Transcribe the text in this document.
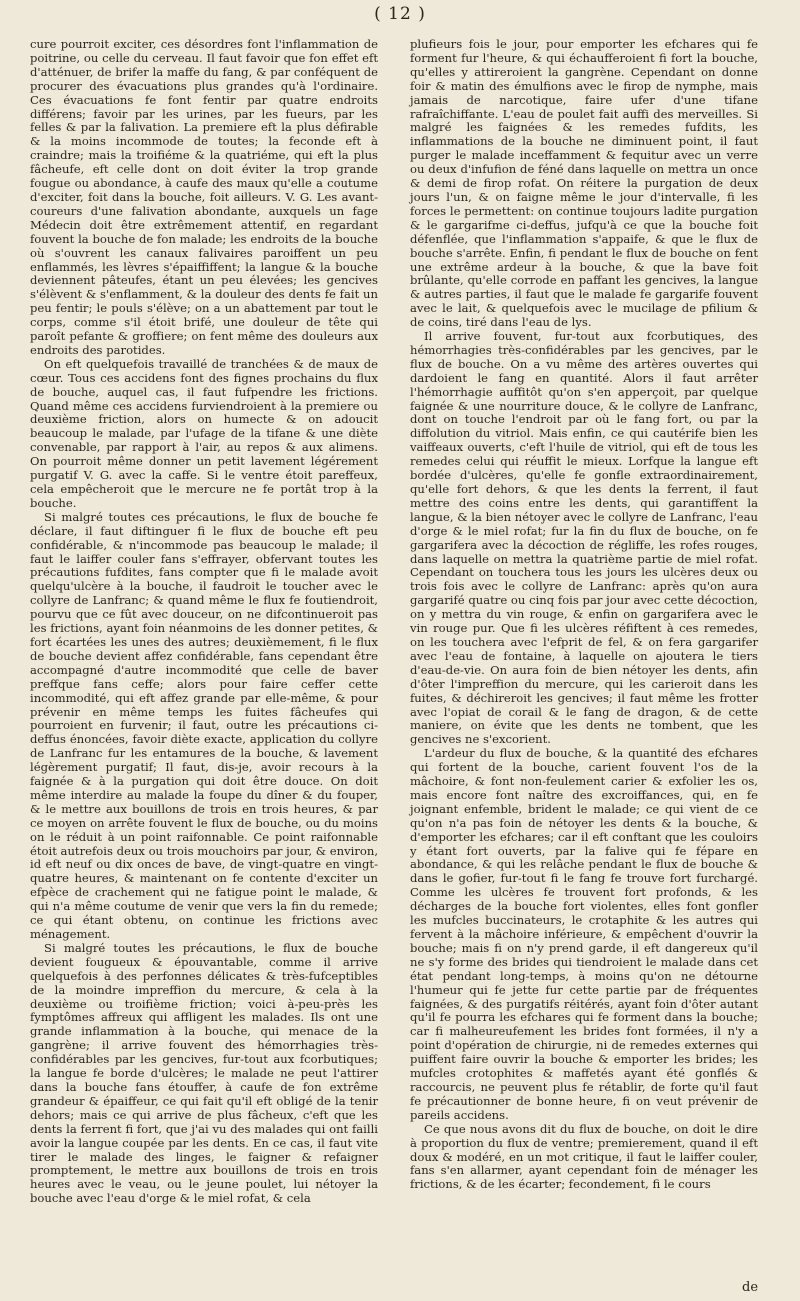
( 12 )

cure pourroit exciter, ces désordres font l'inflammation de poitrine, ou celle du cerveau. Il faut favoir que fon effet eft d'atténuer, de brifer la maffe du fang, & par conféquent de procurer des évacuations plus grandes qu'à l'ordinaire. Ces évacuations fe font fentir par quatre endroits différens; favoir par les urines, par les fueurs, par les felles & par la falivation. La premiere eft la plus défirable & la moins incommode de toutes; la feconde eft à craindre; mais la troifiéme & la quatriéme, qui eft la plus fâcheufe, eft celle dont on doit éviter la trop grande fougue ou abondance, à caufe des maux qu'elle a coutume d'exciter, foit dans la bouche, foit ailleurs. V. G. Les avant-coureurs d'une falivation abondante, auxquels un fage Médecin doit être extrêmement attentif, en regardant fouvent la bouche de fon malade; les endroits de la bouche où s'ouvrent les canaux falivaires paroiffent un peu enflammés, les lèvres s'épaiffiffent; la langue & la bouche deviennent pâteufes, étant un peu élevées; les gencives s'élèvent & s'enflamment, & la douleur des dents fe fait un peu fentir; le pouls s'élève; on a un abattement par tout le corps, comme s'il étoit brifé, une douleur de tête qui paroît pefante & groffiere; on fent même des douleurs aux endroits des parotides.

On eft quelquefois travaillé de tranchées & de maux de cœur. Tous ces accidens font des fignes prochains du flux de bouche, auquel cas, il faut fufpendre les frictions. Quand même ces accidens furviendroient à la premiere ou deuxième friction, alors on humecte & on adoucit beaucoup le malade, par l'ufage de la tifane & une diète convenable, par rapport à l'air, au repos & aux alimens. On pourroit même donner un petit lavement légérement purgatif V. G. avec la caffe. Si le ventre étoit pareffeux, cela empêcheroit que le mercure ne fe portât trop à la bouche.

Si malgré toutes ces précautions, le flux de bouche fe déclare, il faut diftinguer fi le flux de bouche eft peu confidérable, & n'incommode pas beaucoup le malade; il faut le laiffer couler fans s'effrayer, obfervant toutes les précautions fufdites, fans compter que fi le malade avoit quelqu'ulcère à la bouche, il faudroit le toucher avec le collyre de Lanfranc; & quand même le flux fe foutiendroit, pourvu que ce fût avec douceur, on ne difcontinueroit pas les frictions, ayant foin néanmoins de les donner petites, & fort écartées les unes des autres; deuxièmement, fi le flux de bouche devient affez confidérable, fans cependant être accompagné d'autre incommodité que celle de baver preffque fans ceffe; alors pour faire ceffer cette incommodité, qui eft affez grande par elle-même, & pour prévenir en même temps les fuites fâcheufes qui pourroient en furvenir; il faut, outre les précautions ci-deffus énoncées, favoir diète exacte, application du collyre de Lanfranc fur les entamures de la bouche, & lavement légèrement purgatif; Il faut, dis-je, avoir recours à la faignée & à la purgation qui doit être douce. On doit même interdire au malade la foupe du dîner & du fouper, & le mettre aux bouillons de trois en trois heures, & par ce moyen on arrête fouvent le flux de bouche, ou du moins on le réduit à un point raifonnable. Ce point raifonnable étoit autrefois deux ou trois mouchoirs par jour, & environ, id eft neuf ou dix onces de bave, de vingt-quatre en vingt-quatre heures, & maintenant on fe contente d'exciter un efpèce de crachement qui ne fatigue point le malade, & qui n'a même coutume de venir que vers la fin du remede; ce qui étant obtenu, on continue les frictions avec ménagement.

Si malgré toutes les précautions, le flux de bouche devient fougueux & épouvantable, comme il arrive quelquefois à des perfonnes délicates & très-fufceptibles de la moindre impreffion du mercure, & cela à la deuxième ou troifième friction; voici à-peu-près les fymptômes affreux qui affligent les malades. Ils ont une grande inflammation à la bouche, qui menace de la gangrène; il arrive fouvent des hémorrhagies très-confidérables par les gencives, fur-tout aux fcorbutiques; la langue fe borde d'ulcères; le malade ne peut l'attirer dans la bouche fans étouffer, à caufe de fon extrême grandeur & épaiffeur, ce qui fait qu'il eft obligé de la tenir dehors; mais ce qui arrive de plus fâcheux, c'eft que les dents la ferrent fi fort, que j'ai vu des malades qui ont failli avoir la langue coupée par les dents. En ce cas, il faut vite tirer le malade des linges, le faigner & refaigner promptement, le mettre aux bouillons de trois en trois heures avec le veau, ou le jeune poulet, lui nétoyer la bouche avec l'eau d'orge & le miel rofat, & cela

plufieurs fois le jour, pour emporter les efchares qui fe forment fur l'heure, & qui échaufferoient fi fort la bouche, qu'elles y attireroient la gangrène. Cependant on donne foir & matin des émulfions avec le firop de nymphe, mais jamais de narcotique, faire ufer d'une tifane rafraîchiffante. L'eau de poulet fait auffi des merveilles. Si malgré les faignées & les remedes fufdits, les inflammations de la bouche ne diminuent point, il faut purger le malade inceffamment & fequitur avec un verre ou deux d'infufion de féné dans laquelle on mettra un once & demi de firop rofat. On réitere la purgation de deux jours l'un, & on faigne même le jour d'intervalle, fi les forces le permettent: on continue toujours ladite purgation & le gargarifme ci-deffus, jufqu'à ce que la bouche foit défenflée, que l'inflammation s'appaife, & que le flux de bouche s'arrête. Enfin, fi pendant le flux de bouche on fent une extrême ardeur à la bouche, & que la bave foit brûlante, qu'elle corrode en paffant les gencives, la langue & autres parties, il faut que le malade fe gargarife fouvent avec le lait, & quelquefois avec le mucilage de pfilium & de coins, tiré dans l'eau de lys.

Il arrive fouvent, fur-tout aux fcorbutiques, des hémorrhagies très-confidérables par les gencives, par le flux de bouche. On a vu même des artères ouvertes qui dardoient le fang en quantité. Alors il faut arrêter l'hémorrhagie auffitôt qu'on s'en apperçoit, par quelque faignée & une nourriture douce, & le collyre de Lanfranc, dont on touche l'endroit par où le fang fort, ou par la diffolution du vitriol. Mais enfin, ce qui cautérife bien les vaiffeaux ouverts, c'eft l'huile de vitriol, qui eft de tous les remedes celui qui réuffit le mieux. Lorfque la langue eft bordée d'ulcères, qu'elle fe gonfle extraordinairement, qu'elle fort dehors, & que les dents la ferrent, il faut mettre des coins entre les dents, qui garantiffent la langue, & la bien nétoyer avec le collyre de Lanfranc, l'eau d'orge & le miel rofat; fur la fin du flux de bouche, on fe gargarifera avec la décoction de régliffe, les rofes rouges, dans laquelle on mettra la quatrième partie de miel rofat. Cependant on touchera tous les jours les ulcères deux ou trois fois avec le collyre de Lanfranc: après qu'on aura gargarifé quatre ou cinq fois par jour avec cette décoction, on y mettra du vin rouge, & enfin on gargarifera avec le vin rouge pur. Que fi les ulcères réfiftent à ces remedes, on les touchera avec l'efprit de fel, & on fera gargarifer avec l'eau de fontaine, à laquelle on ajoutera le tiers d'eau-de-vie. On aura foin de bien nétoyer les dents, afin d'ôter l'impreffion du mercure, qui les carieroit dans les fuites, & déchireroit les gencives; il faut même les frotter avec l'opiat de corail & le fang de dragon, & de cette maniere, on évite que les dents ne tombent, que les gencives ne s'excorient.

L'ardeur du flux de bouche, & la quantité des efchares qui fortent de la bouche, carient fouvent l'os de la mâchoire, & font non-feulement carier & exfolier les os, mais encore font naître des excroiffances, qui, en fe joignant enfemble, brident le malade; ce qui vient de ce qu'on n'a pas foin de nétoyer les dents & la bouche, & d'emporter les efchares; car il eft conftant que les couloirs y étant fort ouverts, par la falive qui fe fépare en abondance, & qui les relâche pendant le flux de bouche & dans le gofier, fur-tout fi le fang fe trouve fort furchargé. Comme les ulcères fe trouvent fort profonds, & les décharges de la bouche fort violentes, elles font gonfler les mufcles buccinateurs, le crotaphite & les autres qui fervent à la mâchoire inférieure, & empêchent d'ouvrir la bouche; mais fi on n'y prend garde, il eft dangereux qu'il ne s'y forme des brides qui tiendroient le malade dans cet état pendant long-temps, à moins qu'on ne détourne l'humeur qui fe jette fur cette partie par de fréquentes faignées, & des purgatifs réitérés, ayant foin d'ôter autant qu'il fe pourra les efchares qui fe forment dans la bouche; car fi malheureufement les brides font formées, il n'y a point d'opération de chirurgie, ni de remedes externes qui puiffent faire ouvrir la bouche & emporter les brides; les mufcles crotophites & maffetés ayant été gonflés & raccourcis, ne peuvent plus fe rétablir, de forte qu'il faut fe précautionner de bonne heure, fi on veut prévenir de pareils accidens.

Ce que nous avons dit du flux de bouche, on doit le dire à proportion du flux de ventre; premierement, quand il eft doux & modéré, en un mot critique, il faut le laiffer couler, fans s'en allarmer, ayant cependant foin de ménager les frictions, & de les écarter; fecondement, fi le cours

de
